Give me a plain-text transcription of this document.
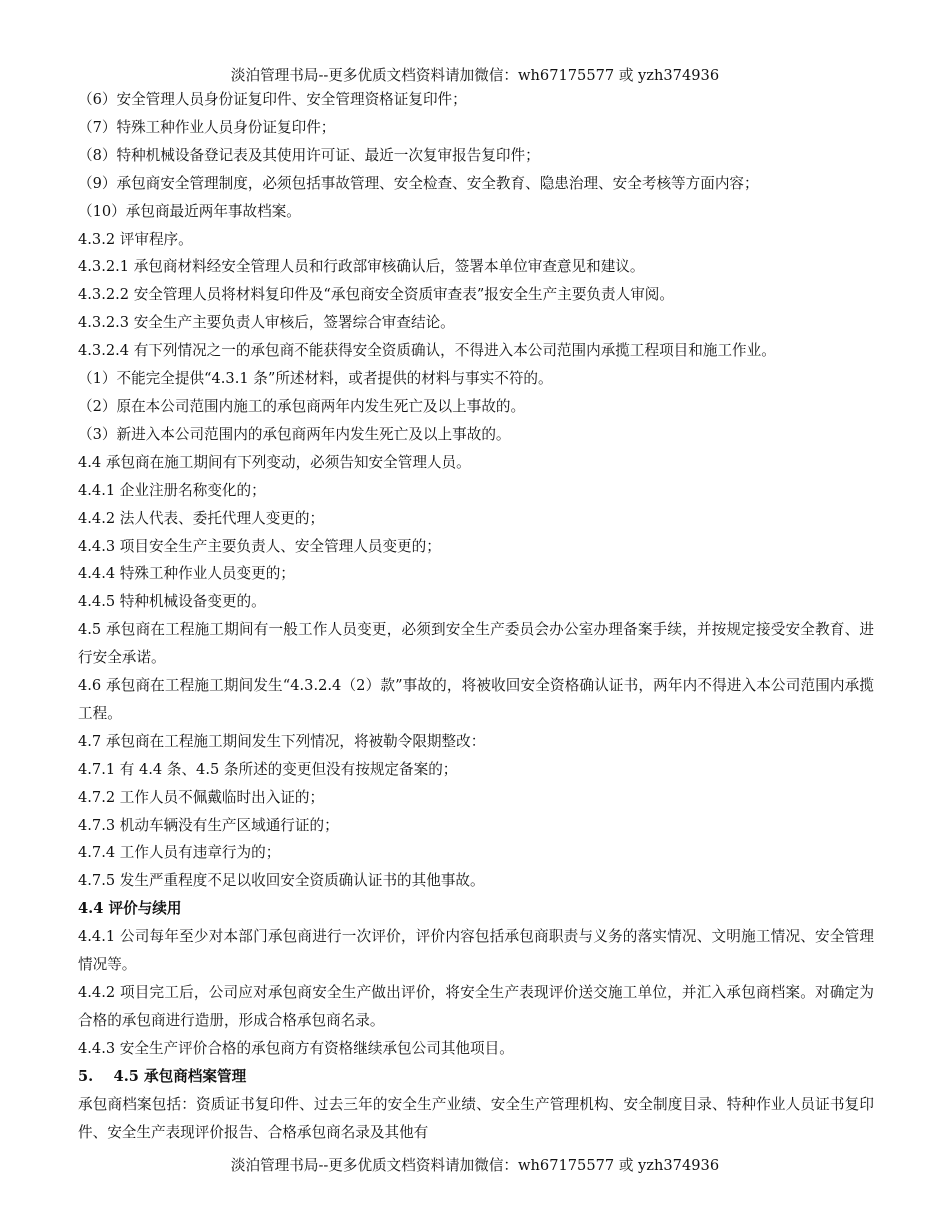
淡泊管理书局--更多优质文档资料请加微信：wh67175577 或 yzh374936

（6）安全管理人员身份证复印件、安全管理资格证复印件；

（7）特殊工种作业人员身份证复印件；

（8）特种机械设备登记表及其使用许可证、最近一次复审报告复印件；

（9）承包商安全管理制度，必须包括事故管理、安全检查、安全教育、隐患治理、安全考核等方面内容；

（10）承包商最近两年事故档案。

4.3.2 评审程序。

4.3.2.1 承包商材料经安全管理人员和行政部审核确认后，签署本单位审查意见和建议。

4.3.2.2 安全管理人员将材料复印件及“承包商安全资质审查表”报安全生产主要负责人审阅。

4.3.2.3 安全生产主要负责人审核后，签署综合审查结论。

4.3.2.4 有下列情况之一的承包商不能获得安全资质确认，不得进入本公司范围内承揽工程项目和施工作业。

（1）不能完全提供“4.3.1 条”所述材料，或者提供的材料与事实不符的。

（2）原在本公司范围内施工的承包商两年内发生死亡及以上事故的。

（3）新进入本公司范围内的承包商两年内发生死亡及以上事故的。

4.4 承包商在施工期间有下列变动，必须告知安全管理人员。

4.4.1 企业注册名称变化的；

4.4.2 法人代表、委托代理人变更的；

4.4.3 项目安全生产主要负责人、安全管理人员变更的；

4.4.4 特殊工种作业人员变更的；

4.4.5 特种机械设备变更的。

4.5 承包商在工程施工期间有一般工作人员变更，必须到安全生产委员会办公室办理备案手续，并按规定接受安全教育、进行安全承诺。

4.6 承包商在工程施工期间发生“4.3.2.4（2）款”事故的，将被收回安全资格确认证书，两年内不得进入本公司范围内承揽工程。

4.7 承包商在工程施工期间发生下列情况，将被勒令限期整改：

4.7.1 有 4.4 条、4.5 条所述的变更但没有按规定备案的；

4.7.2 工作人员不佩戴临时出入证的；

4.7.3 机动车辆没有生产区域通行证的；

4.7.4 工作人员有违章行为的；

4.7.5 发生严重程度不足以收回安全资质确认证书的其他事故。

4.4 评价与续用

4.4.1 公司每年至少对本部门承包商进行一次评价，评价内容包括承包商职责与义务的落实情况、文明施工情况、安全管理情况等。

4.4.2 项目完工后，公司应对承包商安全生产做出评价，将安全生产表现评价送交施工单位，并汇入承包商档案。对确定为合格的承包商进行造册，形成合格承包商名录。

4.4.3 安全生产评价合格的承包商方有资格继续承包公司其他项目。

5.    4.5 承包商档案管理

承包商档案包括：资质证书复印件、过去三年的安全生产业绩、安全生产管理机构、安全制度目录、特种作业人员证书复印件、安全生产表现评价报告、合格承包商名录及其他有

淡泊管理书局--更多优质文档资料请加微信：wh67175577 或 yzh374936
